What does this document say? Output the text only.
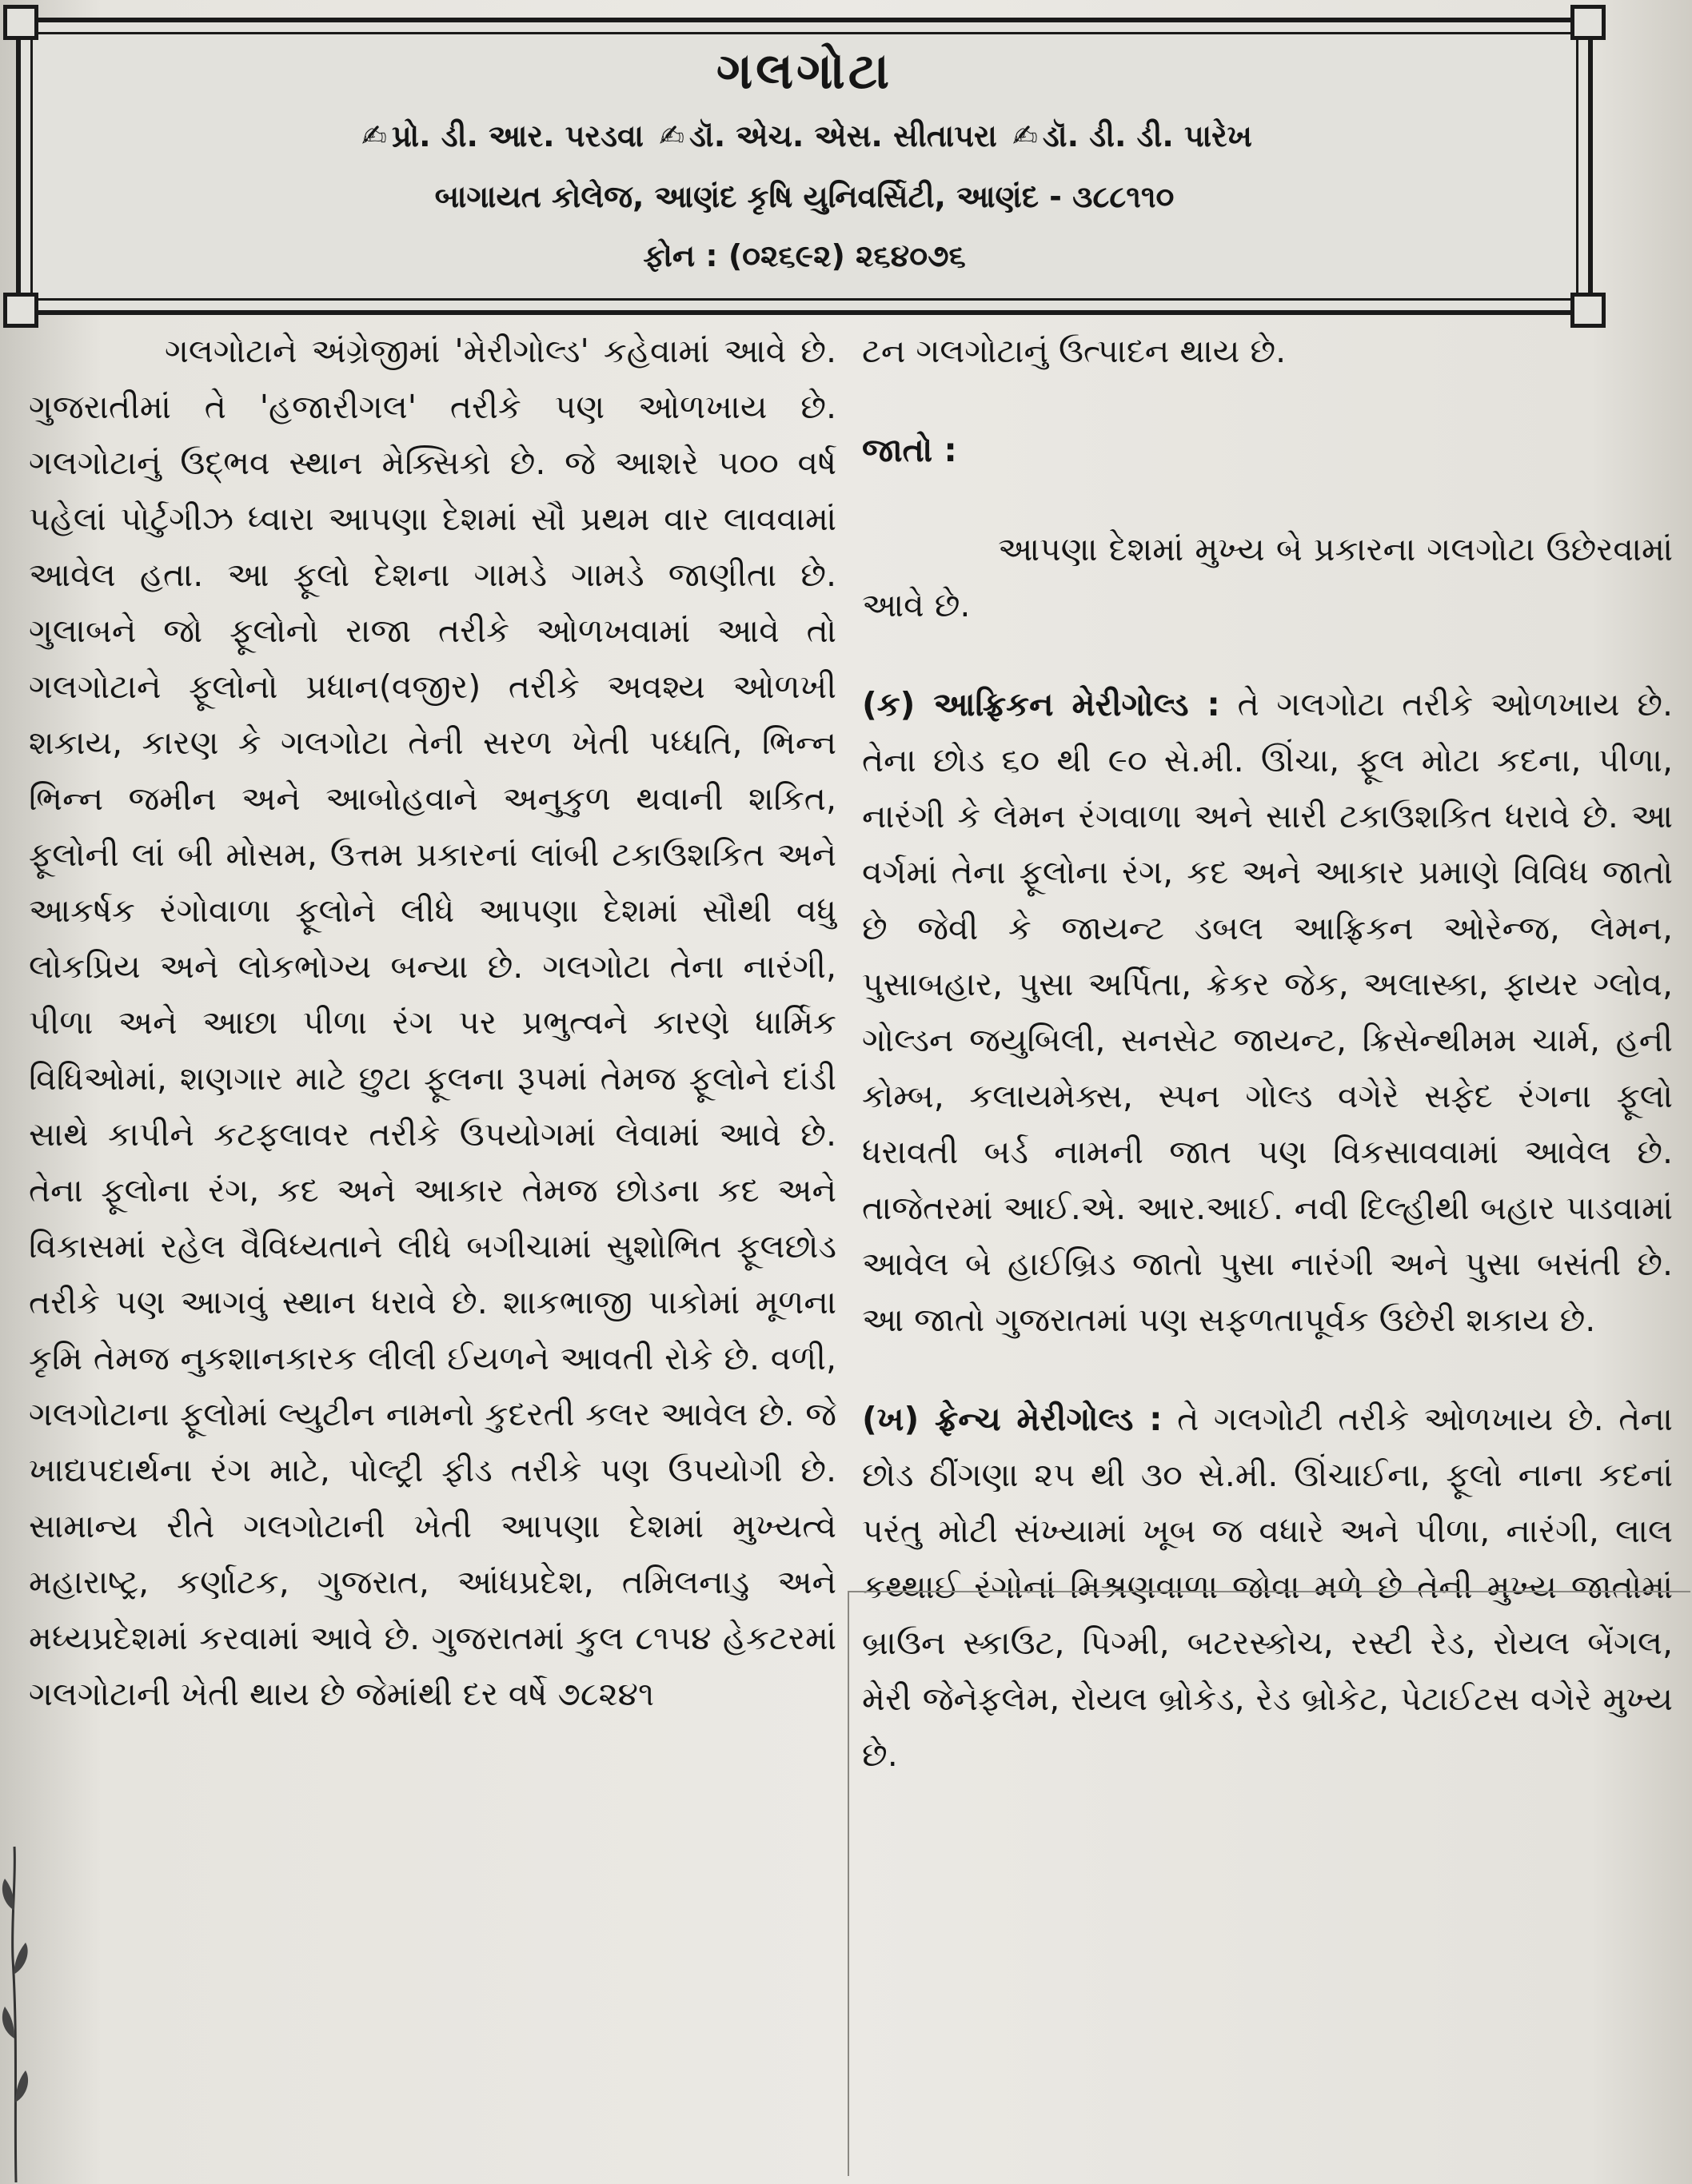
ગલગોટા
✍ પ્રો. ડી. આર. પરડવા ✍ ડૉ. એચ. એસ. સીતાપરા ✍ ડૉ. ડી. ડી. પારેખ
બાગાયત કોલેજ, આણંદ કૃષિ યુનિવર્સિટી, આણંદ - ૩૮૮૧૧૦
ફોન : (૦૨૬૯૨) ૨૬૪૦૭૬

ગલગોટાને અંગ્રેજીમાં 'મેરીગોલ્ડ' કહેવામાં આવે છે. ગુજરાતીમાં તે 'હજારીગલ' તરીકે પણ ઓળખાય છે. ગલગોટાનું ઉદ્‌ભવ સ્થાન મેક્સિકો છે. જે આશરે ૫૦૦ વર્ષ પહેલાં પોર્ટુગીઝ ધ્વારા આપણા દેશમાં સૌ પ્રથમ વાર લાવવામાં આવેલ હતા. આ ફૂલો દેશના ગામડે ગામડે જાણીતા છે. ગુલાબને જો ફૂલોનો રાજા તરીકે ઓળખવામાં આવે તો ગલગોટાને ફૂલોનો પ્રધાન(વજીર) તરીકે અવશ્ય ઓળખી શકાય, કારણ કે ગલગોટા તેની સરળ ખેતી પધ્ધતિ, ભિન્ન ભિન્ન જમીન અને આબોહવાને અનુકુળ થવાની શકિત, ફૂલોની લાં બી મોસમ, ઉત્તમ પ્રકારનાં લાંબી ટકાઉશકિત અને આકર્ષક રંગોવાળા ફૂલોને લીધે આપણા દેશમાં સૌથી વધુ લોકપ્રિય અને લોકભોગ્ય બન્યા છે. ગલગોટા તેના નારંગી, પીળા અને આછા પીળા રંગ પર પ્રભુત્વને કારણે ધાર્મિક વિધિઓમાં, શણગાર માટે છુટા ફૂલના રૂપમાં તેમજ ફૂલોને દાંડી સાથે કાપીને કટફલાવર તરીકે ઉપયોગમાં લેવામાં આવે છે. તેના ફૂલોના રંગ, કદ અને આકાર તેમજ છોડના કદ અને વિકાસમાં રહેલ વૈવિધ્યતાને લીધે બગીચામાં સુશોભિત ફૂલછોડ તરીકે પણ આગવું સ્થાન ધરાવે છે. શાકભાજી પાકોમાં મૂળના કૃમિ તેમજ નુકશાનકારક લીલી ઈયળને આવતી રોકે છે. વળી, ગલગોટાના ફૂલોમાં લ્યુટીન નામનો કુદરતી કલર આવેલ છે. જે ખાદ્યપદાર્થના રંગ માટે, પોલ્ટ્રી ફીડ તરીકે પણ ઉપયોગી છે. સામાન્ય રીતે ગલગોટાની ખેતી આપણા દેશમાં મુખ્યત્વે મહારાષ્ટ્ર, કર્ણાટક, ગુજરાત, આંધપ્રદેશ, તમિલનાડુ અને મધ્યપ્રદેશમાં કરવામાં આવે છે. ગુજરાતમાં કુલ ૮૧૫૪ હેકટરમાં ગલગોટાની ખેતી થાય છે જેમાંથી દર વર્ષે ૭૮૨૪૧

ટન ગલગોટાનું ઉત્પાદન થાય છે.

જાતો :

આપણા દેશમાં મુખ્ય બે પ્રકારના ગલગોટા ઉછેરવામાં આવે છે.

(ક) આફ્રિકન મેરીગોલ્ડ : તે ગલગોટા તરીકે ઓળખાય છે. તેના છોડ ૬૦ થી ૯૦ સે.મી. ઊંચા, ફૂલ મોટા કદના, પીળા, નારંગી કે લેમન રંગવાળા અને સારી ટકાઉશકિત ધરાવે છે. આ વર્ગમાં તેના ફૂલોના રંગ, કદ અને આકાર પ્રમાણે વિવિધ જાતો છે જેવી કે જાયન્ટ ડબલ આફ્રિકન ઓરેન્જ, લેમન, પુસાબહાર, પુસા અર્પિતા, ક્રેકર જેક, અલાસ્કા, ફાયર ગ્લોવ, ગોલ્ડન જયુબિલી, સનસેટ જાયન્ટ, ક્રિસેન્થીમમ ચાર્મ, હની કોમ્બ, કલાયમેક્સ, સ્પન ગોલ્ડ વગેરે સફેદ રંગના ફૂલો ધરાવતી બર્ડ નામની જાત પણ વિકસાવવામાં આવેલ છે. તાજેતરમાં આઈ.એ. આર.આઈ. નવી દિલ્હીથી બહાર પાડવામાં આવેલ બે હાઈબ્રિડ જાતો પુસા નારંગી અને પુસા બસંતી છે. આ જાતો ગુજરાતમાં પણ સફળતાપૂર્વક ઉછેરી શકાય છે.

(ખ) ફ્રેન્ચ મેરીગોલ્ડ : તે ગલગોટી તરીકે ઓળખાય છે. તેના છોડ ઠીંગણા ૨૫ થી ૩૦ સે.મી. ઊંચાઈના, ફૂલો નાના કદનાં પરંતુ મોટી સંખ્યામાં ખૂબ જ વધારે અને પીળા, નારંગી, લાલ કથ્થાઈ રંગોનાં મિશ્રણવાળા જોવા મળે છે તેની મુખ્ય જાતોમાં બ્રાઉન સ્કાઉટ, પિગ્મી, બટરસ્કોચ, રસ્ટી રેડ, રોયલ બેંગલ, મેરી જેનેફલેમ, રોયલ બ્રોકેડ, રેડ બ્રોકેટ, પેટાઈટસ વગેરે મુખ્ય છે.
